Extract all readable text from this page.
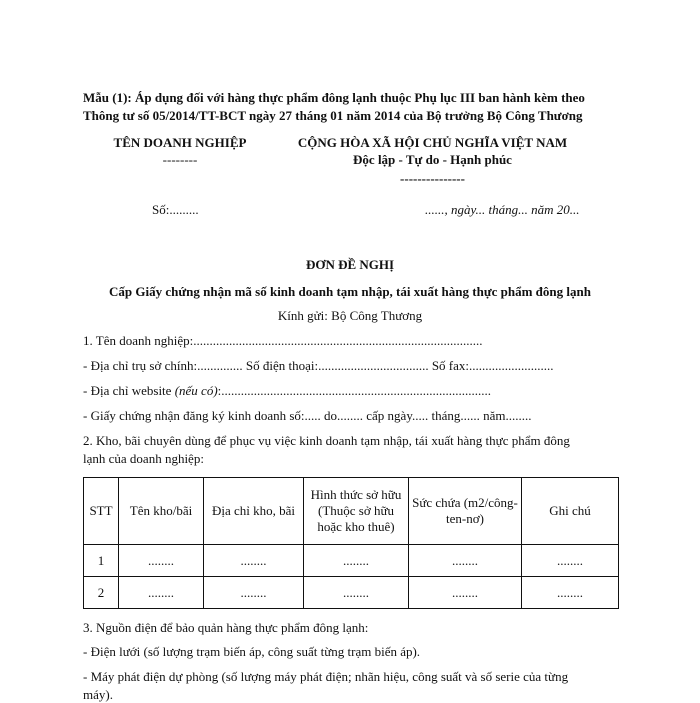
Mẫu (1): Áp dụng đối với hàng thực phẩm đông lạnh thuộc Phụ lục III ban hành kèm theo
Thông tư số 05/2014/TT-BCT ngày 27 tháng 01 năm 2014 của Bộ trưởng Bộ Công Thương
TÊN DOANH NGHIỆP
--------
CỘNG HÒA XÃ HỘI CHỦ NGHĨA VIỆT NAM
Độc lập - Tự do - Hạnh phúc
---------------
Số:.........	......, ngày... tháng... năm 20...
ĐƠN ĐỀ NGHỊ
Cấp Giấy chứng nhận mã số kinh doanh tạm nhập, tái xuất hàng thực phẩm đông lạnh
Kính gửi: Bộ Công Thương
1. Tên doanh nghiệp:.........................................................................................
- Địa chỉ trụ sở chính:.............. Số điện thoại:.................................. Số fax:..........................
- Địa chỉ website (nếu có):...................................................................................
- Giấy chứng nhận đăng ký kinh doanh số:..... do........ cấp ngày..... tháng...... năm........
2. Kho, bãi chuyên dùng để phục vụ việc kinh doanh tạm nhập, tái xuất hàng thực phẩm đông
lạnh của doanh nghiệp:
STT	Tên kho/bãi	Địa chỉ kho, bãi	Hình thức sở hữu (Thuộc sở hữu hoặc kho thuê)	Sức chứa (m2/công-ten-nơ)	Ghi chú
1	........	........	........	........	........
2	........	........	........	........	........
3. Nguồn điện để bảo quản hàng thực phẩm đông lạnh:
- Điện lưới (số lượng trạm biến áp, công suất từng trạm biến áp).
- Máy phát điện dự phòng (số lượng máy phát điện; nhãn hiệu, công suất và số serie của từng
máy).
